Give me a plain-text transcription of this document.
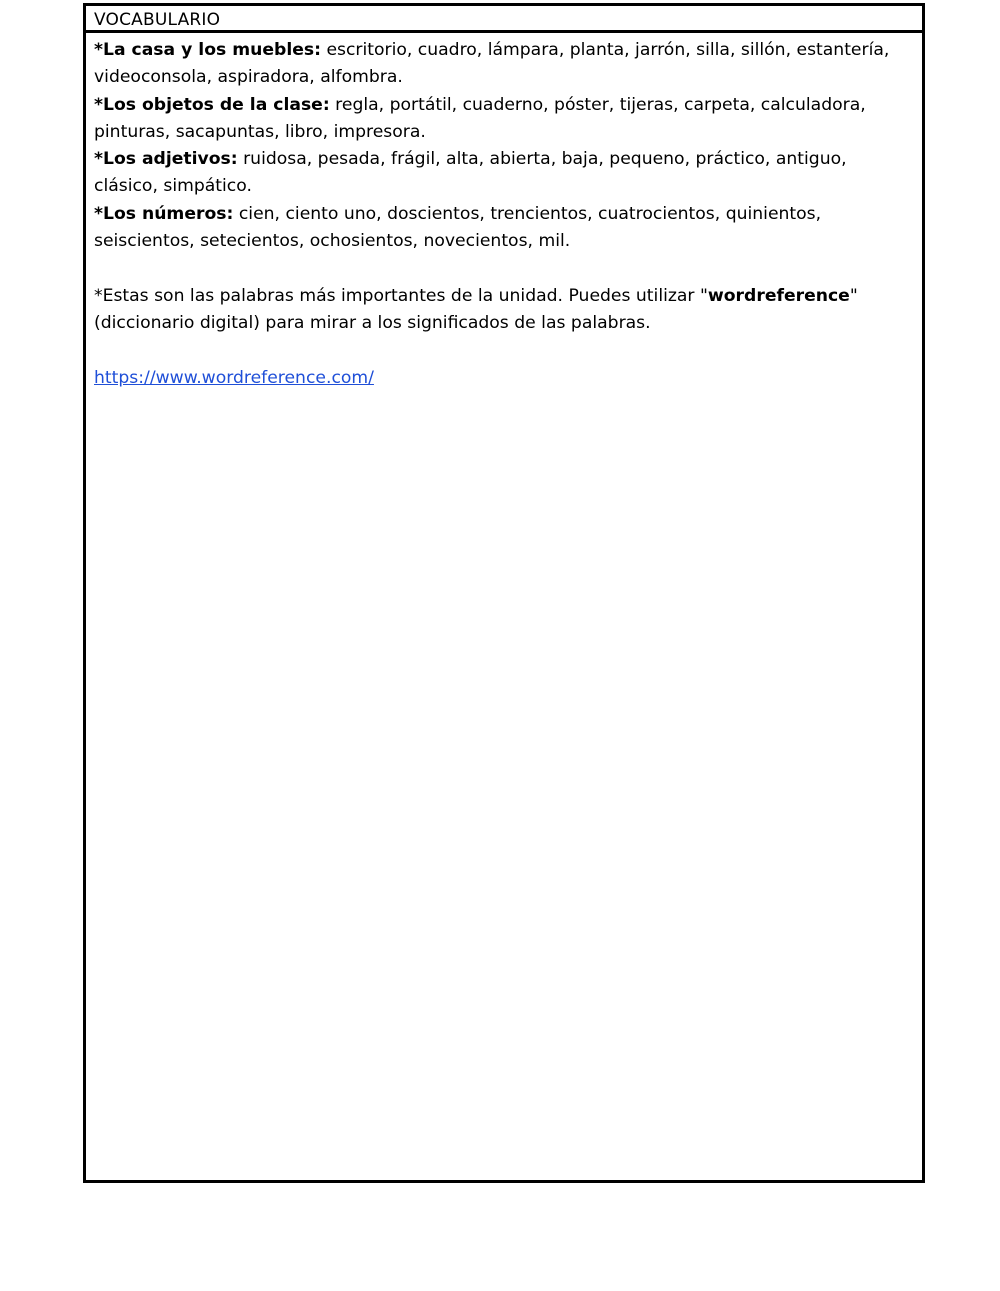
VOCABULARIO
*La casa y los muebles: escritorio, cuadro, lámpara, planta, jarrón, silla, sillón, estantería, videoconsola, aspiradora, alfombra.
*Los objetos de la clase: regla, portátil, cuaderno, póster, tijeras, carpeta, calculadora, pinturas, sacapuntas, libro, impresora.
*Los adjetivos: ruidosa, pesada, frágil, alta, abierta, baja, pequeno, práctico, antiguo, clásico, simpático.
*Los números: cien, ciento uno, doscientos, trencientos, cuatrocientos, quinientos, seiscientos, setecientos, ochosientos, novecientos, mil.
*Estas son las palabras más importantes de la unidad. Puedes utilizar "wordreference" (diccionario digital) para mirar a los significados de las palabras.
https://www.wordreference.com/
